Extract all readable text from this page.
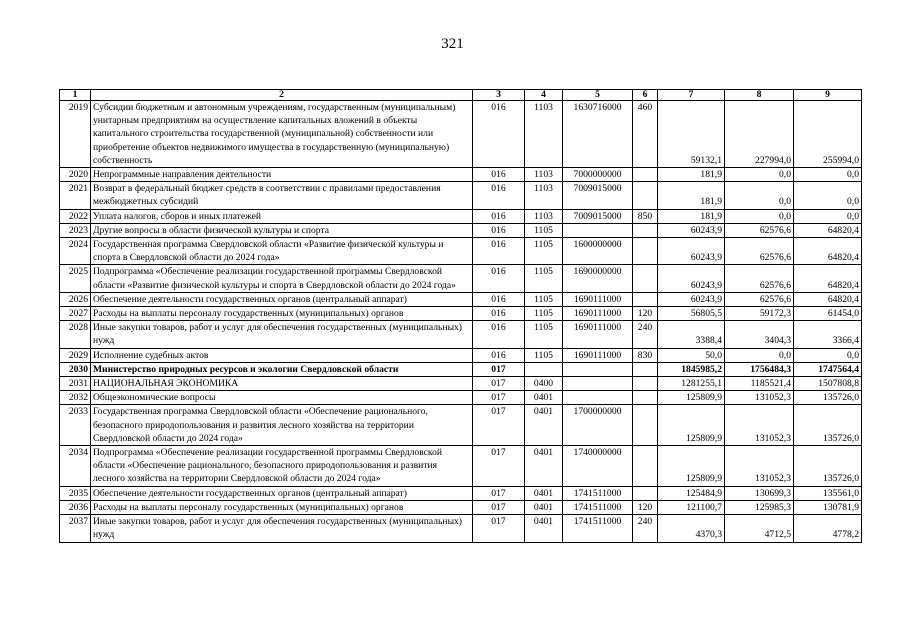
321
1	2	3	4	5	6	7	8	9
2019	Субсидии бюджетным и автономным учреждениям, государственным (муниципальным) унитарным предприятиям на осуществление капитальных вложений в объекты капитального строительства государственной (муниципальной) собственности или приобретение объектов недвижимого имущества в государственную (муниципальную) собственность	016	1103	1630716000	460	59132,1	227994,0	255994,0
2020	Непрограммные направления деятельности	016	1103	7000000000		181,9	0,0	0,0
2021	Возврат в федеральный бюджет средств в соответствии с правилами предоставления межбюджетных субсидий	016	1103	7009015000		181,9	0,0	0,0
2022	Уплата налогов, сборов и иных платежей	016	1103	7009015000	850	181,9	0,0	0,0
2023	Другие вопросы в области физической культуры и спорта	016	1105			60243,9	62576,6	64820,4
2024	Государственная программа Свердловской области «Развитие физической культуры и спорта в Свердловской области до 2024 года»	016	1105	1600000000		60243,9	62576,6	64820,4
2025	Подпрограмма «Обеспечение реализации государственной программы Свердловской области «Развитие физической культуры и спорта в Свердловской области до 2024 года»	016	1105	1690000000		60243,9	62576,6	64820,4
2026	Обеспечение деятельности государственных органов (центральный аппарат)	016	1105	1690111000		60243,9	62576,6	64820,4
2027	Расходы на выплаты персоналу государственных (муниципальных) органов	016	1105	1690111000	120	56805,5	59172,3	61454,0
2028	Иные закупки товаров, работ и услуг для обеспечения государственных (муниципальных) нужд	016	1105	1690111000	240	3388,4	3404,3	3366,4
2029	Исполнение судебных актов	016	1105	1690111000	830	50,0	0,0	0,0
2030	Министерство природных ресурсов и экологии Свердловской области	017				1845985,2	1756484,3	1747564,4
2031	НАЦИОНАЛЬНАЯ ЭКОНОМИКА	017	0400			1281255,1	1185521,4	1507808,8
2032	Общеэкономические вопросы	017	0401			125809,9	131052,3	135726,0
2033	Государственная программа Свердловской области «Обеспечение рационального, безопасного природопользования и развития лесного хозяйства на территории Свердловской области до 2024 года»	017	0401	1700000000		125809,9	131052,3	135726,0
2034	Подпрограмма «Обеспечение реализации государственной программы Свердловской области «Обеспечение рационального, безопасного природопользования и развития лесного хозяйства на территории Свердловской области до 2024 года»	017	0401	1740000000		125809,9	131052,3	135726,0
2035	Обеспечение деятельности государственных органов (центральный аппарат)	017	0401	1741511000		125484,9	130699,3	135561,0
2036	Расходы на выплаты персоналу государственных (муниципальных) органов	017	0401	1741511000	120	121100,7	125985,3	130781,9
2037	Иные закупки товаров, работ и услуг для обеспечения государственных (муниципальных) нужд	017	0401	1741511000	240	4370,3	4712,5	4778,2
